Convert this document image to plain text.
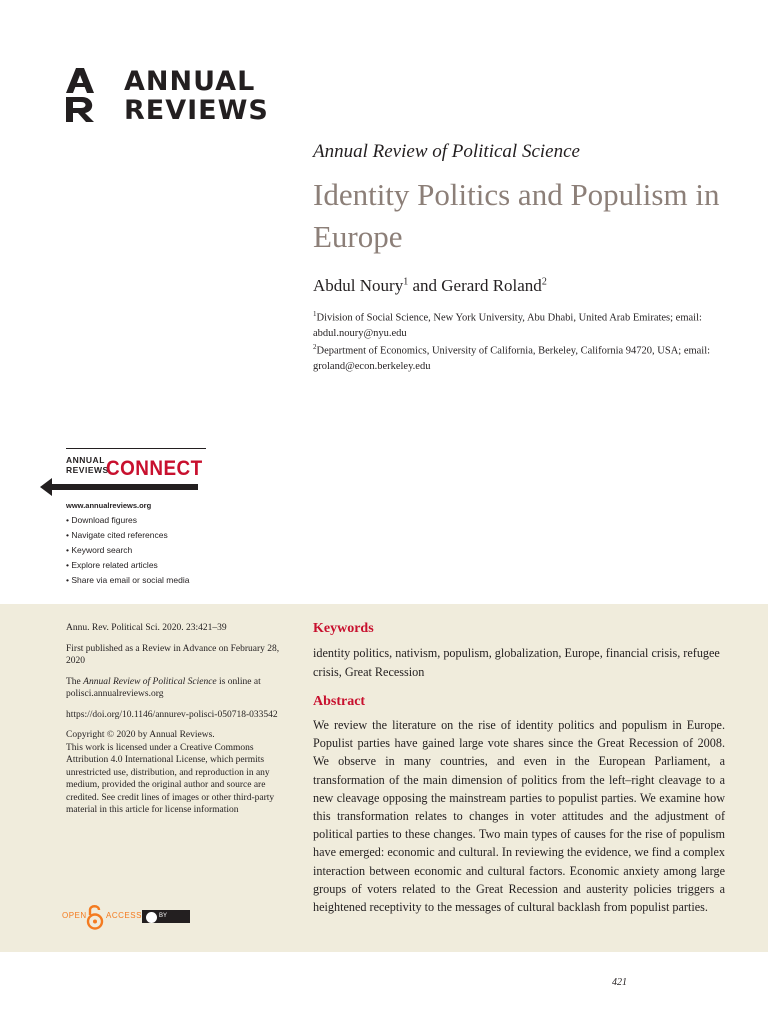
ANNUAL
REVIEWS
Annual Review of Political Science
Identity Politics and Populism in Europe
Abdul Noury$^1$ and Gerard Roland$^2$
$^1$Division of Social Science, New York University, Abu Dhabi, United Arab Emirates; email: abdul.noury@nyu.edu
$^2$Department of Economics, University of California, Berkeley, California 94720, USA; email: groland@econ.berkeley.edu
ANNUAL
REVIEWS
CONNECT
www.annualreviews.org
• Download figures
• Navigate cited references
• Keyword search
• Explore related articles
• Share via email or social media

Annu. Rev. Political Sci. 2020. 23:421–39

First published as a Review in Advance on February 28, 2020

The Annual Review of Political Science is online at polisci.annualreviews.org

https://doi.org/10.1146/annurev-polisci-050718-033542

Copyright © 2020 by Annual Reviews.

This work is licensed under a Creative Commons Attribution 4.0 International License, which permits unrestricted use, distribution, and reproduction in any medium, provided the original author and source are credited. See credit lines of images or other third-party material in this article for license information

OPEN ACCESS	BY
Keywords
identity politics, nativism, populism, globalization, Europe, financial crisis, refugee crisis, Great Recession
Abstract
We review the literature on the rise of identity politics and populism in Europe. Populist parties have gained large vote shares since the Great Recession of 2008. We observe in many countries, and even in the European Parliament, a transformation of the main dimension of politics from the left–right cleavage to a new cleavage opposing the mainstream parties to populist parties. We examine how this transformation relates to changes in voter attitudes and the adjustment of political parties to these changes. Two main types of causes for the rise of populism have emerged: economic and cultural. In reviewing the evidence, we find a complex interaction between economic and cultural factors. Economic anxiety among large groups of voters related to the Great Recession and austerity policies triggers a heightened receptivity to the messages of cultural backlash from populist parties.
421
